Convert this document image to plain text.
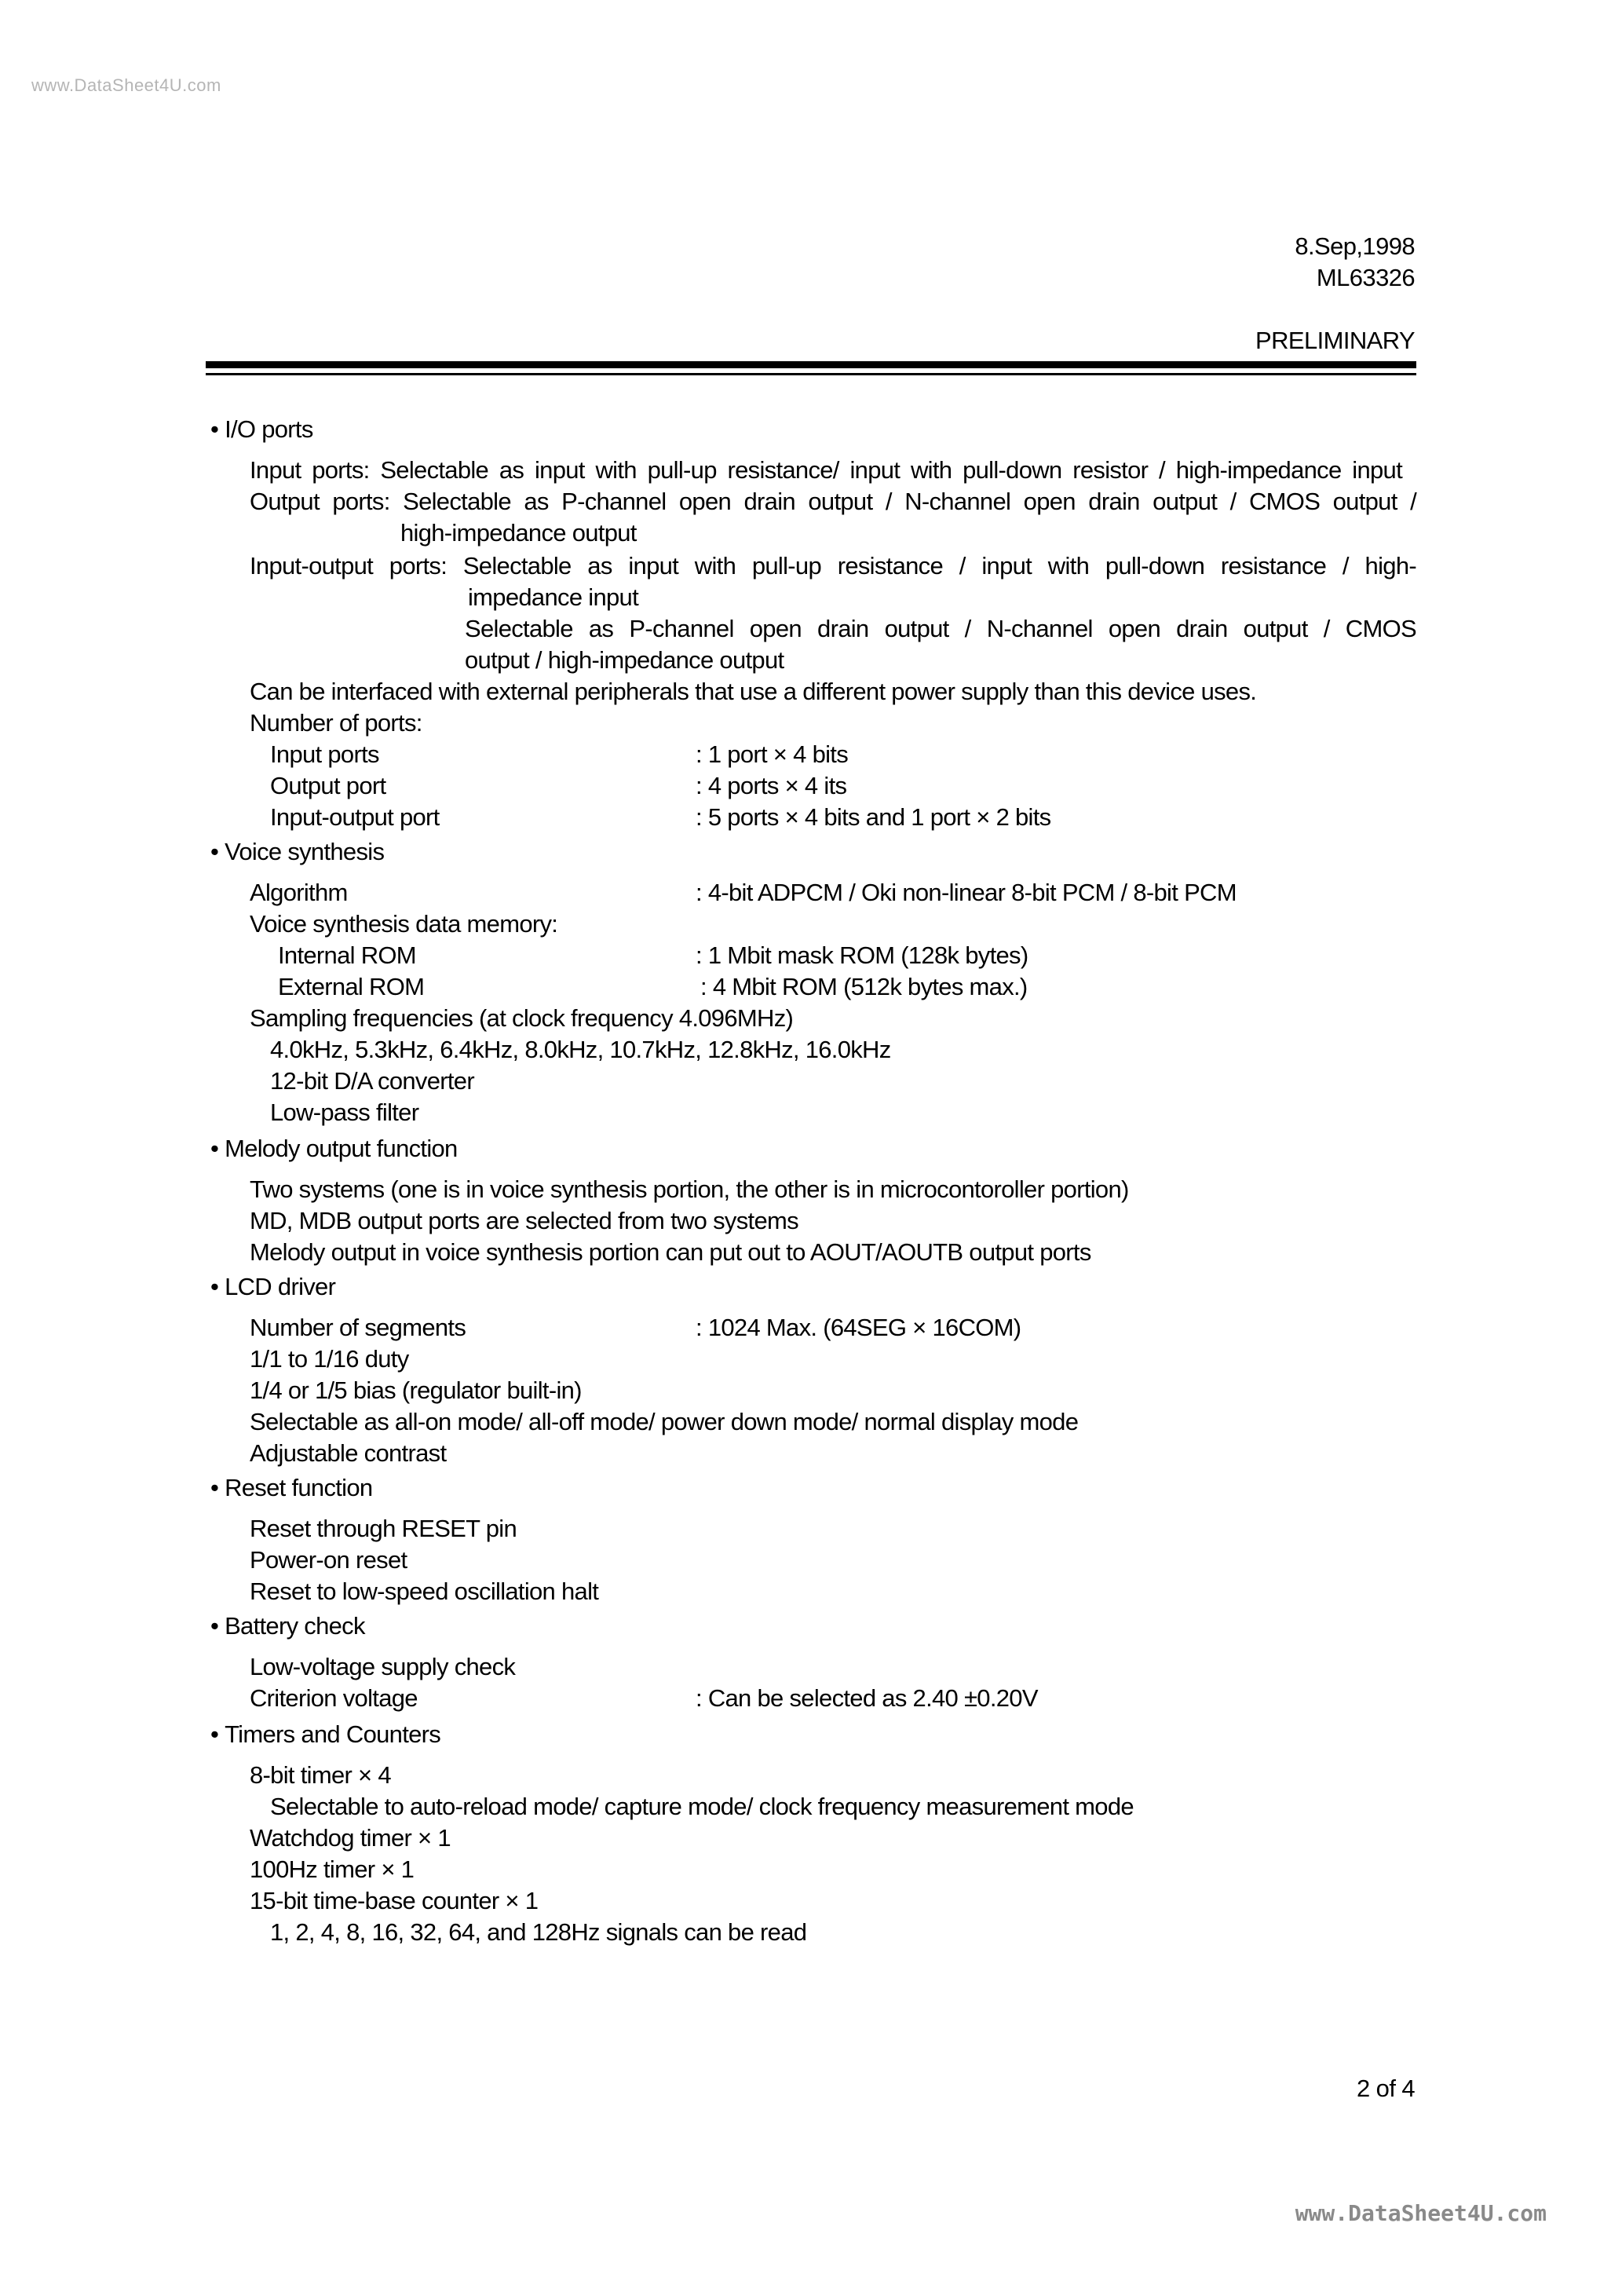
www.DataSheet4U.com
8.Sep,1998
ML63326
PRELIMINARY
• I/O ports
Input ports: Selectable as input with pull-up resistance/ input with pull-down resistor / high-impedance input
Output ports: Selectable as P-channel open drain output / N-channel open drain output / CMOS output /
high-impedance output
Input-output ports: Selectable as input with pull-up resistance / input with pull-down resistance / high-
impedance input
Selectable as P-channel open drain output / N-channel open drain output / CMOS
output / high-impedance output
Can be interfaced with external peripherals that use a different power supply than this device uses.
Number of ports:
Input ports	: 1 port × 4 bits
Output port	: 4 ports × 4 its
Input-output port	: 5 ports × 4 bits and 1 port × 2 bits
• Voice synthesis
Algorithm	: 4-bit ADPCM / Oki non-linear 8-bit PCM / 8-bit PCM
Voice synthesis data memory:
Internal ROM	: 1 Mbit mask ROM (128k bytes)
External ROM	: 4 Mbit ROM (512k bytes max.)
Sampling frequencies (at clock frequency 4.096MHz)
4.0kHz, 5.3kHz, 6.4kHz, 8.0kHz, 10.7kHz, 12.8kHz, 16.0kHz
12-bit D/A converter
Low-pass filter
• Melody output function
Two systems (one is in voice synthesis portion, the other is in microcontoroller portion)
MD, MDB output ports are selected from two systems
Melody output in voice synthesis portion can put out to AOUT/AOUTB output ports
• LCD driver
Number of segments	: 1024 Max. (64SEG × 16COM)
1/1 to 1/16 duty
1/4 or 1/5 bias (regulator built-in)
Selectable as all-on mode/ all-off mode/ power down mode/ normal display mode
Adjustable contrast
• Reset function
Reset through RESET pin
Power-on reset
Reset to low-speed oscillation halt
• Battery check
Low-voltage supply check
Criterion voltage	: Can be selected as 2.40 ±0.20V
• Timers and Counters
8-bit timer × 4
Selectable to auto-reload mode/ capture mode/ clock frequency measurement mode
Watchdog timer × 1
100Hz timer × 1
15-bit time-base counter × 1
1, 2, 4, 8, 16, 32, 64, and 128Hz signals can be read
2 of 4
www.DataSheet4U.com
